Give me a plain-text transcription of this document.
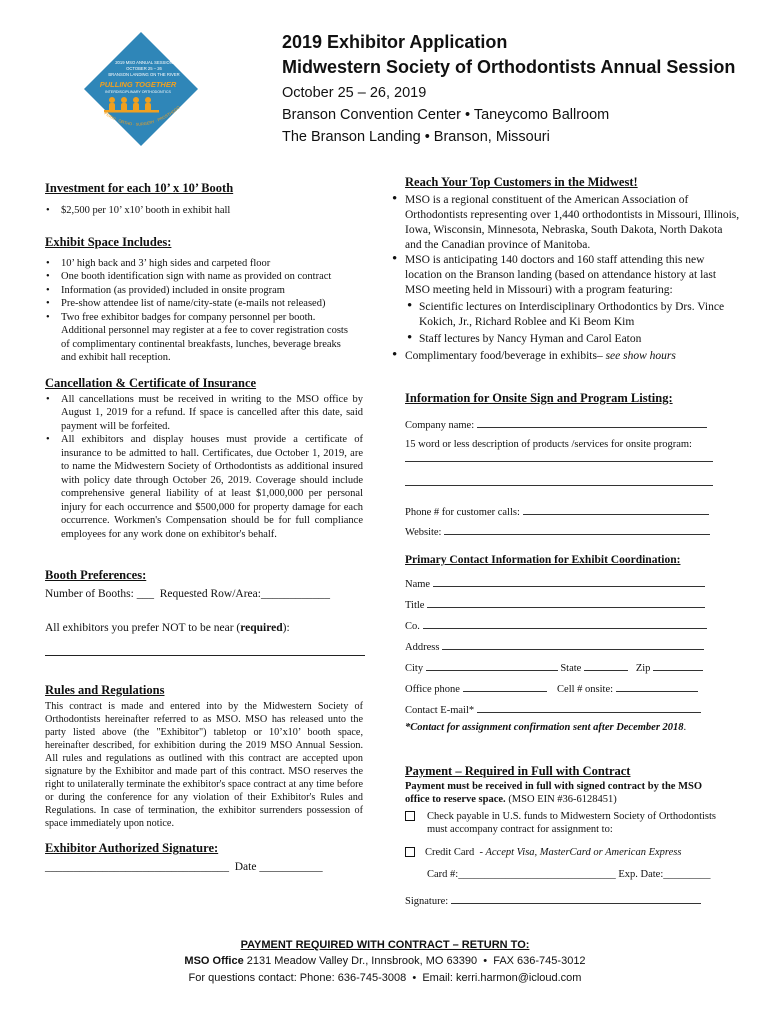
2019 MSO ANNUAL SESSION
OCTOBER 25 – 26
BRANSON LANDING ON THE RIVER
PULLING TOGETHER
INTERDISCIPLINARY ORTHODONTICS
PERIO · ORTHO · SURGERY · PROSTHODO
2019 Exhibitor Application
Midwestern Society of Orthodontists Annual Session
October 25 – 26, 2019
Branson Convention Center • Taneycomo Ballroom
The Branson Landing • Branson, Missouri
Investment for each 10’ x 10’ Booth
• $2,500 per 10’ x10’ booth in exhibit hall
Exhibit Space Includes:
• 10’ high back and 3’ high sides and carpeted floor
• One booth identification sign with name as provided on contract
• Information (as provided) included in onsite program
• Pre-show attendee list of name/city-state (e-mails not released)
• Two free exhibitor badges for company personnel per booth. Additional personnel may register at a fee to cover registration costs of complimentary continental breakfasts, lunches, beverage breaks and exhibit hall reception.
Cancellation & Certificate of Insurance
• All cancellations must be received in writing to the MSO office by August 1, 2019 for a refund. If space is cancelled after this date, said payment will be forfeited.
• All exhibitors and display houses must provide a certificate of insurance to be admitted to hall. Certificates, due October 1, 2019, are to name the Midwestern Society of Orthodontists as additional insured with policy date through October 26, 2019. Coverage should include comprehensive general liability of at least $1,000,000 per personal injury for each occurrence and $500,000 for property damage for each occurrence. Workmen's Compensation should be for full compliance employees for any work done on exhibitor's behalf.
Booth Preferences:
Number of Booths: ___ Requested Row/Area:____________
All exhibitors you prefer NOT to be near (required):
Rules and Regulations
This contract is made and entered into by the Midwestern Society of Orthodontists hereinafter referred to as MSO. MSO has released unto the party listed above (the "Exhibitor") tabletop or 10’x10’ booth space, hereinafter described, for exhibition during the 2019 MSO Annual Session. All rules and regulations as outlined with this contract are accepted upon signature by the Exhibitor and made part of this contract. MSO reserves the right to unilaterally terminate the exhibitor's space contract at any time before or during the conference for any violation of their Exhibitor's Rules and Regulations. In case of termination, the exhibitor surrenders possession of space immediately upon notice.
Exhibitor Authorized Signature:
________________________________ Date ___________
Reach Your Top Customers in the Midwest!
• MSO is a regional constituent of the American Association of Orthodontists representing over 1,440 orthodontists in Missouri, Illinois, Iowa, Wisconsin, Minnesota, Nebraska, South Dakota, North Dakota and the Canadian province of Manitoba.
• MSO is anticipating 140 doctors and 160 staff attending this new location on the Branson landing (based on attendance history at last MSO meeting held in Missouri) with a program featuring:
• Scientific lectures on Interdisciplinary Orthodontics by Drs. Vince Kokich, Jr., Richard Roblee and Ki Beom Kim
• Staff lectures by Nancy Hyman and Carol Eaton
• Complimentary food/beverage in exhibits– see show hours
Information for Onsite Sign and Program Listing:
Company name:
15 word or less description of products /services for onsite program:
Phone # for customer calls:
Website:
Primary Contact Information for Exhibit Coordination:
Name
Title
Co.
Address
City	State	Zip
Office phone	Cell # onsite:
Contact E-mail*
*Contact for assignment confirmation sent after December 2018.
Payment – Required in Full with Contract
Payment must be received in full with signed contract by the MSO office to reserve space. (MSO EIN #36-6128451)
Check payable in U.S. funds to Midwestern Society of Orthodontists must accompany contract for assignment to:
Credit Card - Accept Visa, MasterCard or American Express
Card #:______________________________ Exp. Date:_________
Signature:
PAYMENT REQUIRED WITH CONTRACT – RETURN TO:
MSO Office 2131 Meadow Valley Dr., Innsbrook, MO 63390 • FAX 636-745-3012
For questions contact: Phone: 636-745-3008 • Email: kerri.harmon@icloud.com
